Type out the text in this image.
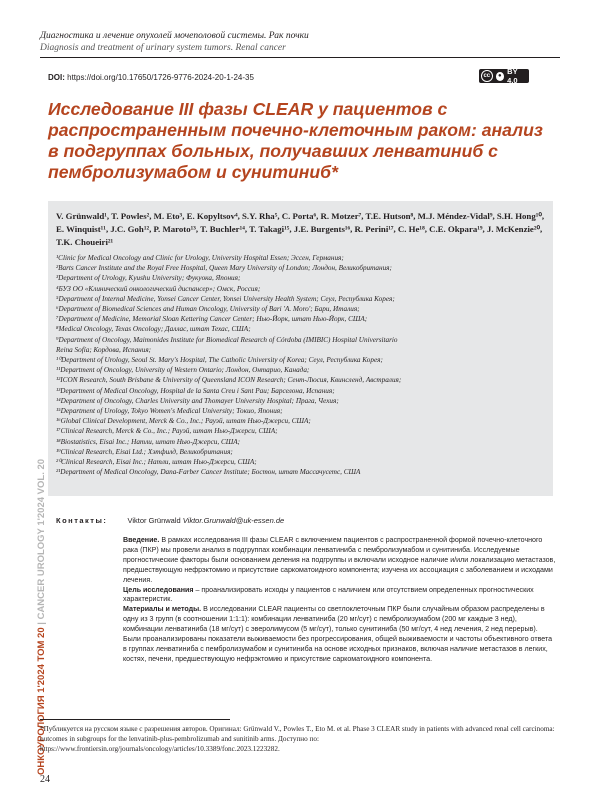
Диагностика и лечение опухолей мочеполовой системы. Рак почки
Diagnosis and treatment of urinary system tumors. Renal cancer
DOI: https://doi.org/10.17650/1726-9776-2024-20-1-24-35	cc	● BY 4.0
Исследование III фазы CLEAR у пациентов с распространенным почечно-клеточным раком: анализ в подгруппах больных, получавших ленватиниб с пембролизумабом и сунитиниб*
V. Grünwald¹, T. Powles², M. Eto³, E. Kopyltsov⁴, S.Y. Rha⁵, C. Porta⁶, R. Motzer⁷, T.E. Hutson⁸, M.J. Méndez-Vidal⁹, S.H. Hong¹⁰, E. Winquist¹¹, J.C. Goh¹², P. Maroto¹³, T. Buchler¹⁴, T. Takagi¹⁵, J.E. Burgents¹⁶, R. Perini¹⁷, C. He¹⁸, C.E. Okpara¹⁹, J. McKenzie²⁰, T.K. Choueiri²¹
¹Clinic for Medical Oncology and Clinic for Urology, University Hospital Essen; Эссен, Германия;
²Barts Cancer Institute and the Royal Free Hospital, Queen Mary University of London; Лондон, Великобритания;
³Department of Urology, Kyushu University; Фукуока, Япония;
⁴БУЗ ОО «Клинический онкологический диспансер»; Омск, Россия;
⁵Department of Internal Medicine, Yonsei Cancer Center, Yonsei University Health System; Сеул, Республика Корея;
⁶Department of Biomedical Sciences and Human Oncology, University of Bari 'A. Moro'; Бари, Италия;
⁷Department of Medicine, Memorial Sloan Kettering Cancer Center; Нью-Йорк, штат Нью-Йорк, США;
⁸Medical Oncology, Texas Oncology; Даллас, штат Техас, США;
⁹Department of Oncology, Maimonides Institute for Biomedical Research of Córdoba (IMIBIC) Hospital Universitario
Reina Sofía; Кордова, Испания;
¹⁰Department of Urology, Seoul St. Mary's Hospital, The Catholic University of Korea; Сеул, Республика Корея;
¹¹Department of Oncology, University of Western Ontario; Лондон, Онтарио, Канада;
¹²ICON Research, South Brisbane & University of Queensland ICON Research; Сент-Люсия, Квинсленд, Австралия;
¹³Department of Medical Oncology, Hospital de la Santa Creu i Sant Pau; Барселона, Испания;
¹⁴Department of Oncology, Charles University and Thomayer University Hospital; Прага, Чехия;
¹⁵Department of Urology, Tokyo Women's Medical University; Токио, Япония;
¹⁶Global Clinical Development, Merck & Co., Inc.; Рауэй, штат Нью-Джерси, США;
¹⁷Clinical Research, Merck & Co., Inc.; Рауэй, штат Нью-Джерси, США;
¹⁸Biostatistics, Eisai Inc.; Натли, штат Нью-Джерси, США;
¹⁹Clinical Research, Eisai Ltd.; Хэтфилд, Великобритания;
²⁰Clinical Research, Eisai Inc.; Натли, штат Нью-Джерси, США;
²¹Department of Medical Oncology, Dana-Farber Cancer Institute; Бостон, штат Массачусетс, США
Контакты:	Viktor Grünwald Viktor.Grunwald@uk-essen.de

Введение. В рамках исследования III фазы CLEAR с включением пациентов с распространенной формой почечно-клеточного рака (ПКР) мы провели анализ в подгруппах комбинации ленватиниба с пембролизумабом и сунитиниба. Исследуемые прогностические факторы были основанием деления на подгруппы и включали исходное наличие и/или локализацию метастазов, предшествующую нефрэктомию и присутствие саркоматоидного компонента; изучена их ассоциация с заболеванием и исходами лечения.

Цель исследования – проанализировать исходы у пациентов с наличием или отсутствием определенных прогностических характеристик.

Материалы и методы. В исследовании CLEAR пациенты со светлоклеточным ПКР были случайным образом распределены в одну из 3 групп (в соотношении 1:1:1): комбинации ленватиниба (20 мг/сут) с пембролизумабом (200 мг каждые 3 нед), комбинации ленватиниба (18 мг/сут) с эверолимусом (5 мг/сут), только сунитиниба (50 мг/сут, 4 нед лечения, 2 нед перерыв). Были проанализированы показатели выживаемости без прогрессирования, общей выживаемости и частоты объективного ответа в группах ленватиниба с пембролизумабом и сунитиниба на основе исходных признаков, включая наличие метастазов в легких, костях, печени, предшествующую нефрэктомию и присутствие саркоматоидного компонента.

ОНКОУРОЛОГИЯ 1'2024 ТОМ 20 | CANCER UROLOGY 1'2024 VOL. 20
*Публикуется на русском языке с разрешения авторов. Оригинал: Grünwald V., Powles T., Eto M. et al. Phase 3 CLEAR study in patients with advanced renal cell carcinoma: outcomes in subgroups for the lenvatinib-plus-pembrolizumab and sunitinib arms. Доступно по: https://www.frontiersin.org/journals/oncology/articles/10.3389/fonc.2023.1223282.
24
